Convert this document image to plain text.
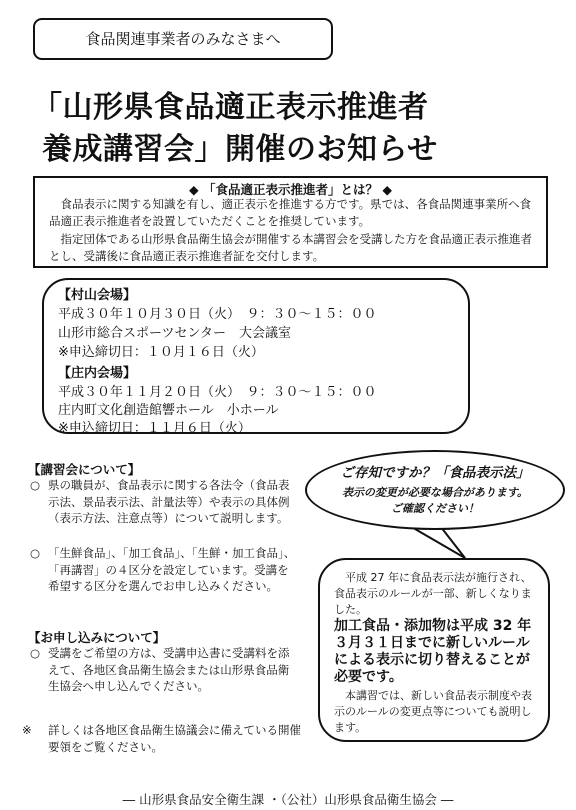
食品関連事業者のみなさまへ
「山形県食品適正表示推進者
養成講習会」開催のお知らせ
◆ 「食品適正表示推進者」とは？ ◆
食品表示に関する知識を有し、適正表示を推進する方です。県では、各食品関連事業所へ食品適正表示推進者を設置していただくことを推奨しています。
指定団体である山形県食品衛生協会が開催する本講習会を受講した方を食品適正表示推進者とし、受講後に食品適正表示推進者証を交付します。
【村山会場】
平成３０年１０月３０日（火）　９：３０～１５：００
山形市総合スポーツセンター　大会議室
※申込締切日：１０月１６日（火）
【庄内会場】
平成３０年１１月２０日（火）　９：３０～１５：００
庄内町文化創造館響ホール　小ホール
※申込締切日：１１月６日（火）
【講習会について】
○ 県の職員が、食品表示に関する各法令（食品表示法、景品表示法、計量法等）や表示の具体例（表示方法、注意点等）について説明します。
○ 「生鮮食品」、「加工食品」、「生鮮・加工食品」、「再講習」の４区分を設定しています。受講を希望する区分を選んでお申し込みください。
【お申し込みについて】
○ 受講をご希望の方は、受講申込書に受講料を添えて、各地区食品衛生協会または山形県食品衛生協会へ申し込んでください。
※ 詳しくは各地区食品衛生協議会に備えている開催要領をご覧ください。
ご存知ですか？「食品表示法」
表示の変更が必要な場合があります。
ご確認ください！
平成 27 年に食品表示法が施行され、食品表示のルールが一部、新しくなりました。
加工食品・添加物は平成 32 年３月３１日までに新しいルールによる表示に切り替えることが必要です。
本講習では、新しい食品表示制度や表示のルールの変更点等についても説明します。
― 山形県食品安全衛生課 ・（公社）山形県食品衛生協会 ―
